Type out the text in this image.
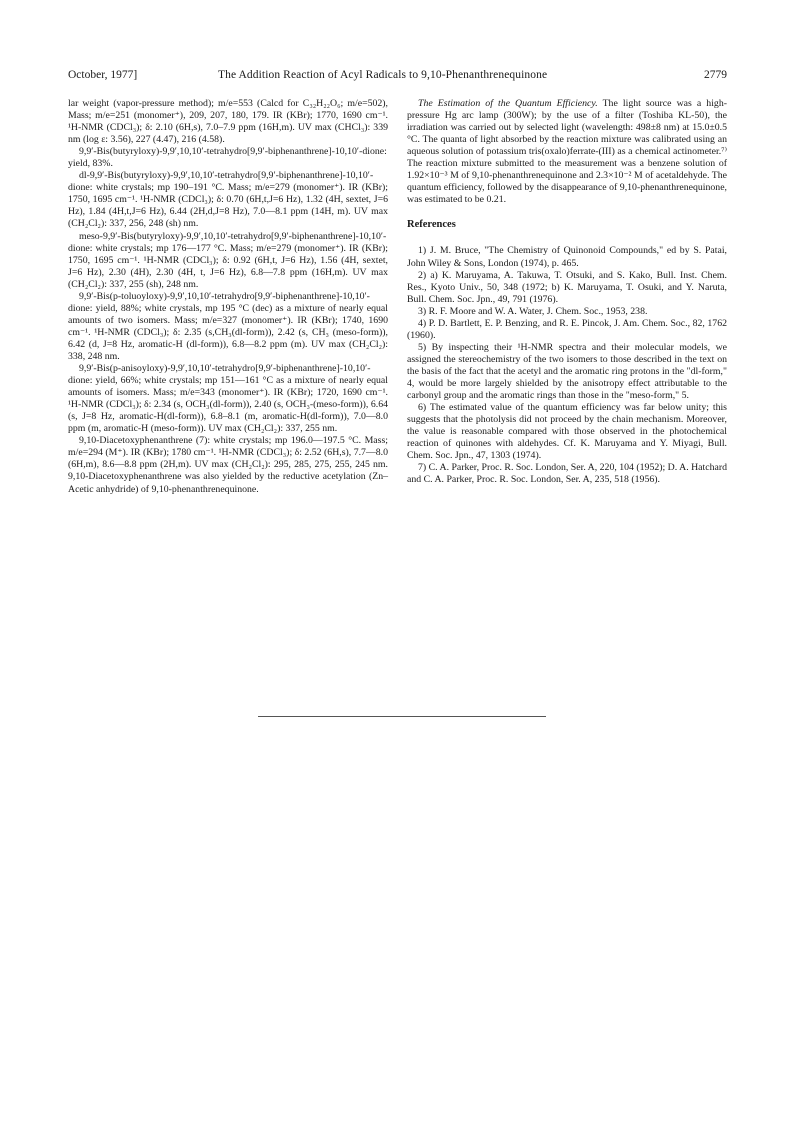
October, 1977]	The Addition Reaction of Acyl Radicals to 9,10-Phenanthrenequinone	2779

lar weight (vapor-pressure method); m/e=553 (Calcd for C₃₂H₂₂O₆; m/e=502), Mass; m/e=251 (monomer⁺), 209, 207, 180, 179. IR (KBr); 1770, 1690 cm⁻¹. ¹H-NMR (CDCl₃); δ: 2.10 (6H,s), 7.0–7.9 ppm (16H,m). UV max (CHCl₃): 339 nm (log ε: 3.56), 227 (4.47), 216 (4.58).

9,9′-Bis(butyryloxy)-9,9′,10,10′-tetrahydro[9,9′-biphenanthrene]-10,10′-dione: yield, 83%.

dl-9,9′-Bis(butyryloxy)-9,9′,10,10′-tetrahydro[9,9′-biphenanthrene]-10,10′-dione: white crystals; mp 190–191 °C. Mass; m/e=279 (monomer⁺). IR (KBr); 1750, 1695 cm⁻¹. ¹H-NMR (CDCl₃); δ: 0.70 (6H,t,J=6 Hz), 1.32 (4H, sextet, J=6 Hz), 1.84 (4H,t,J=6 Hz), 6.44 (2H,d,J=8 Hz), 7.0—8.1 ppm (14H, m). UV max (CH₂Cl₂): 337, 256, 248 (sh) nm.

meso-9,9′-Bis(butyryloxy)-9,9′,10,10′-tetrahydro[9,9′-biphenanthrene]-10,10′-dione: white crystals; mp 176—177 °C. Mass; m/e=279 (monomer⁺). IR (KBr); 1750, 1695 cm⁻¹. ¹H-NMR (CDCl₃); δ: 0.92 (6H,t, J=6 Hz), 1.56 (4H, sextet, J=6 Hz), 2.30 (4H), 2.30 (4H, t, J=6 Hz), 6.8—7.8 ppm (16H,m). UV max (CH₂Cl₂): 337, 255 (sh), 248 nm.

9,9′-Bis(p-toluoyloxy)-9,9′,10,10′-tetrahydro[9,9′-biphenanthrene]-10,10′-dione: yield, 88%; white crystals, mp 195 °C (dec) as a mixture of nearly equal amounts of two isomers. Mass; m/e=327 (monomer⁺). IR (KBr); 1740, 1690 cm⁻¹. ¹H-NMR (CDCl₃); δ: 2.35 (s,CH₃(dl-form)), 2.42 (s, CH₃ (meso-form)), 6.42 (d, J=8 Hz, aromatic-H (dl-form)), 6.8—8.2 ppm (m). UV max (CH₂Cl₂): 338, 248 nm.

9,9′-Bis(p-anisoyloxy)-9,9′,10,10′-tetrahydro[9,9′-biphenanthrene]-10,10′-dione: yield, 66%; white crystals; mp 151—161 °C as a mixture of nearly equal amounts of isomers. Mass; m/e=343 (monomer⁺). IR (KBr); 1720, 1690 cm⁻¹. ¹H-NMR (CDCl₃); δ: 2.34 (s, OCH₃(dl-form)), 2.40 (s, OCH₃-(meso-form)), 6.64 (s, J=8 Hz, aromatic-H(dl-form)), 6.8–8.1 (m, aromatic-H(dl-form)), 7.0—8.0 ppm (m, aromatic-H (meso-form)). UV max (CH₂Cl₂): 337, 255 nm.

9,10-Diacetoxyphenanthrene (7): white crystals; mp 196.0—197.5 °C. Mass; m/e=294 (M⁺). IR (KBr); 1780 cm⁻¹. ¹H-NMR (CDCl₃); δ: 2.52 (6H,s), 7.7—8.0 (6H,m), 8.6—8.8 ppm (2H,m). UV max (CH₂Cl₂): 295, 285, 275, 255, 245 nm. 9,10-Diacetoxyphenanthrene was also yielded by the reductive acetylation (Zn–Acetic anhydride) of 9,10-phenanthrenequinone.

The Estimation of the Quantum Efficiency. The light source was a high-pressure Hg arc lamp (300W); by the use of a filter (Toshiba KL-50), the irradiation was carried out by selected light (wavelength: 498±8 nm) at 15.0±0.5 °C. The quanta of light absorbed by the reaction mixture was calibrated using an aqueous solution of potassium tris(oxalo)ferrate-(III) as a chemical actinometer.⁷⁾ The reaction mixture submitted to the measurement was a benzene solution of 1.92×10⁻³ M of 9,10-phenanthrenequinone and 2.3×10⁻² M of acetaldehyde. The quantum efficiency, followed by the disappearance of 9,10-phenanthrenequinone, was estimated to be 0.21.

References

1) J. M. Bruce, "The Chemistry of Quinonoid Compounds," ed by S. Patai, John Wiley & Sons, London (1974), p. 465.

2) a) K. Maruyama, A. Takuwa, T. Otsuki, and S. Kako, Bull. Inst. Chem. Res., Kyoto Univ., 50, 348 (1972; b) K. Maruyama, T. Osuki, and Y. Naruta, Bull. Chem. Soc. Jpn., 49, 791 (1976).

3) R. F. Moore and W. A. Water, J. Chem. Soc., 1953, 238.

4) P. D. Bartlett, E. P. Benzing, and R. E. Pincok, J. Am. Chem. Soc., 82, 1762 (1960).

5) By inspecting their ¹H-NMR spectra and their molecular models, we assigned the stereochemistry of the two isomers to those described in the text on the basis of the fact that the acetyl and the aromatic ring protons in the "dl-form," 4, would be more largely shielded by the anisotropy effect attributable to the carbonyl group and the aromatic rings than those in the "meso-form," 5.

6) The estimated value of the quantum efficiency was far below unity; this suggests that the photolysis did not proceed by the chain mechanism. Moreover, the value is reasonable compared with those observed in the photochemical reaction of quinones with aldehydes. Cf. K. Maruyama and Y. Miyagi, Bull. Chem. Soc. Jpn., 47, 1303 (1974).

7) C. A. Parker, Proc. R. Soc. London, Ser. A, 220, 104 (1952); D. A. Hatchard and C. A. Parker, Proc. R. Soc. London, Ser. A, 235, 518 (1956).
